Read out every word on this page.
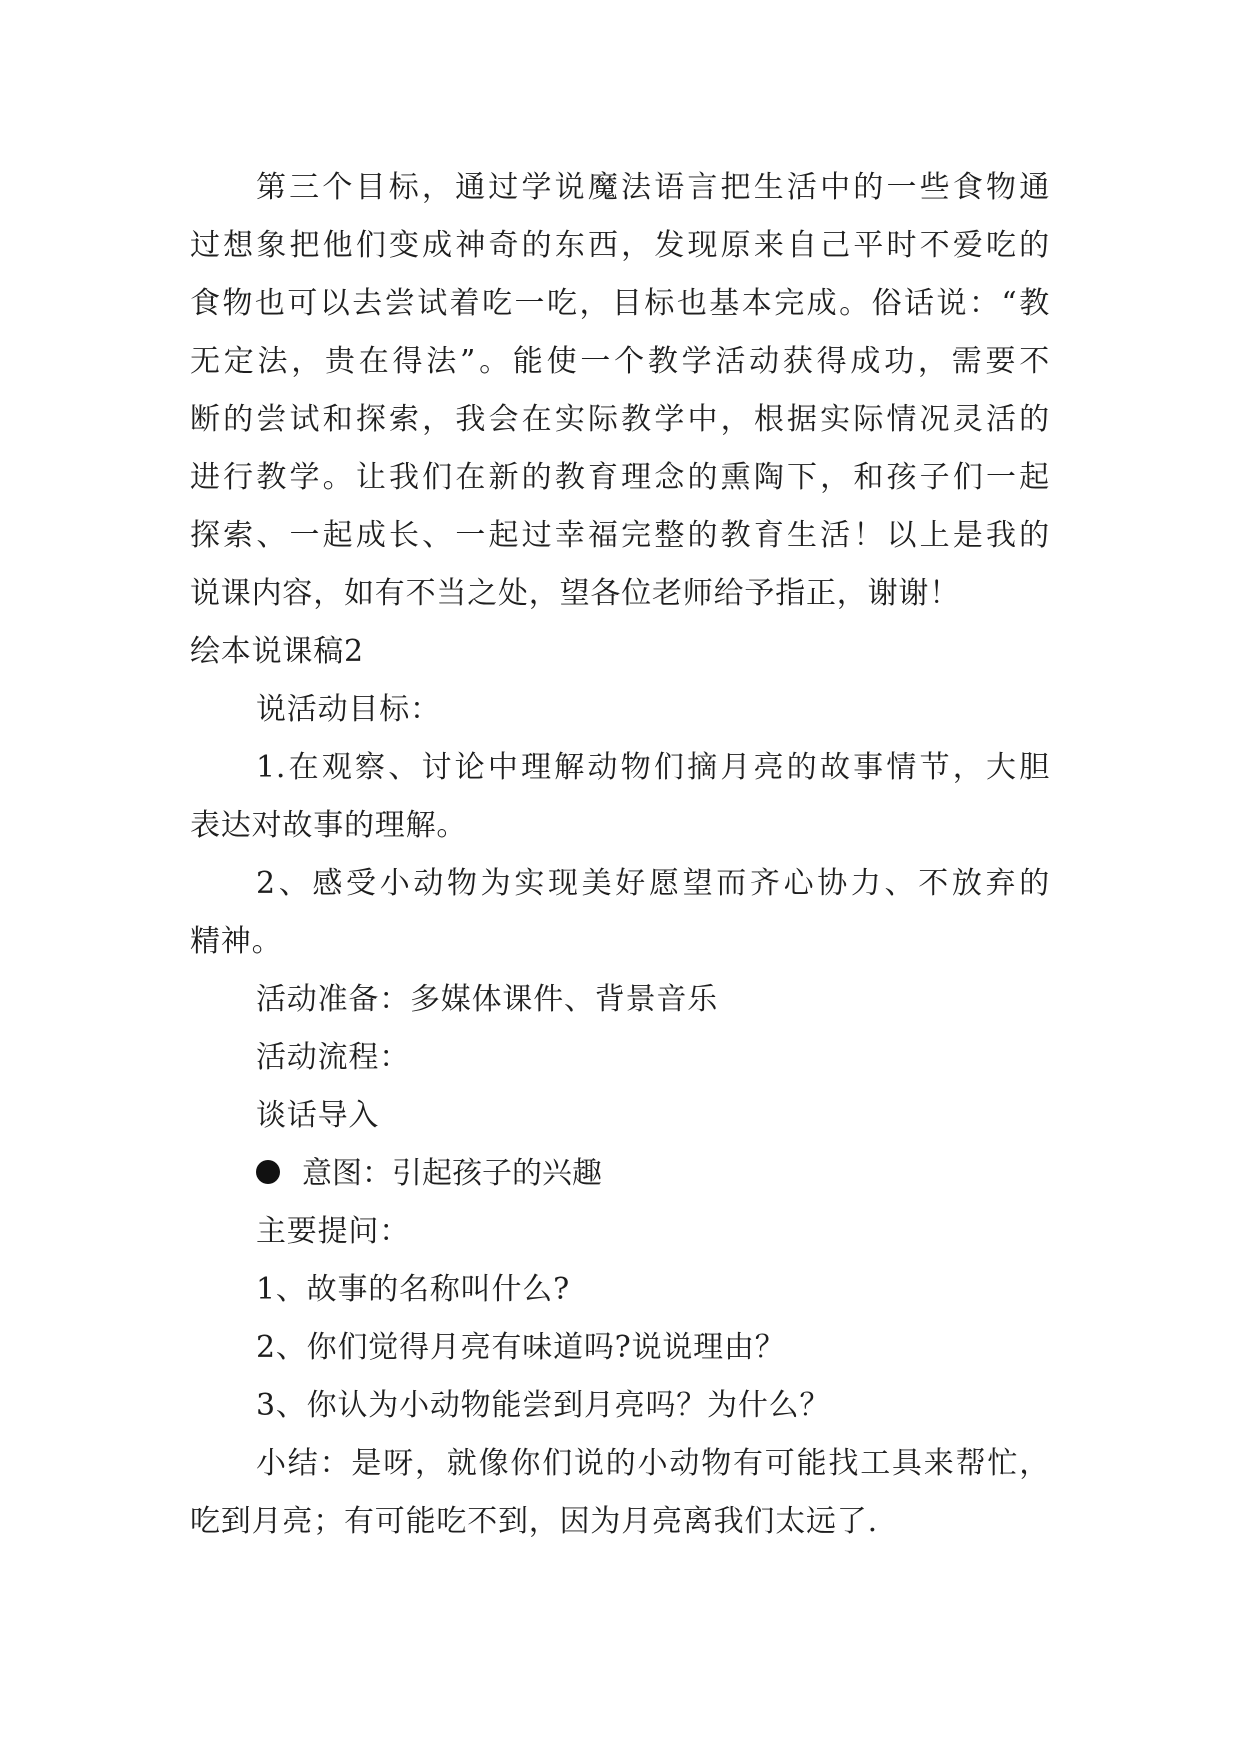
第三个目标，通过学说魔法语言把生活中的一些食物通
过想象把他们变成神奇的东西，发现原来自己平时不爱吃的
食物也可以去尝试着吃一吃，目标也基本完成。俗话说：“教
无定法，贵在得法”。能使一个教学活动获得成功，需要不
断的尝试和探索，我会在实际教学中，根据实际情况灵活的
进行教学。让我们在新的教育理念的熏陶下，和孩子们一起
探索、一起成长、一起过幸福完整的教育生活！以上是我的
说课内容，如有不当之处，望各位老师给予指正，谢谢！
绘本说课稿2
说活动目标：
1.在观察、讨论中理解动物们摘月亮的故事情节，大胆
表达对故事的理解。
2、感受小动物为实现美好愿望而齐心协力、不放弃的
精神。
活动准备：多媒体课件、背景音乐
活动流程：
谈话导入
意图：引起孩子的兴趣
主要提问：
1、故事的名称叫什么?
2、你们觉得月亮有味道吗?说说理由？
3、你认为小动物能尝到月亮吗？为什么？
小结：是呀，就像你们说的小动物有可能找工具来帮忙，
吃到月亮；有可能吃不到，因为月亮离我们太远了.
